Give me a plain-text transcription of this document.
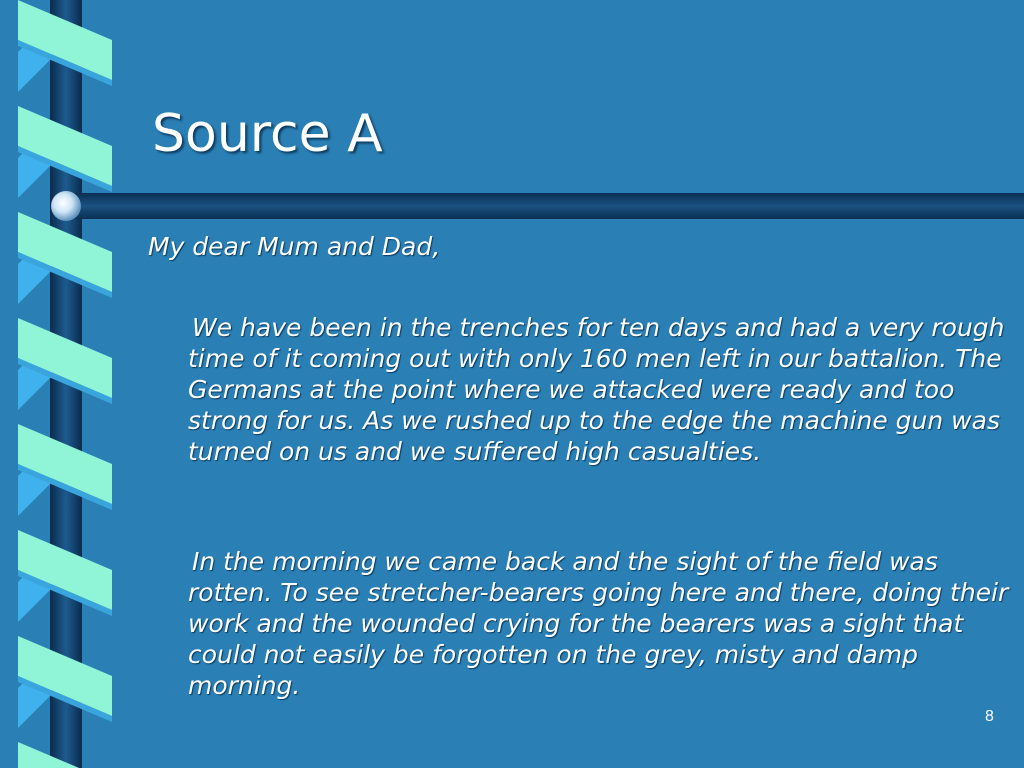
Source A
My dear Mum and Dad,
We have been in the trenches for ten days and had a very rough time of it coming out with only 160 men left in our battalion. The Germans at the point where we attacked were ready and too strong for us. As we rushed up to the edge the machine gun was turned on us and we suffered high casualties.
In the morning we came back and the sight of the field was rotten. To see stretcher-bearers going here and there, doing their work and the wounded crying for the bearers was a sight that could not easily be forgotten on the grey, misty and damp morning.
8
